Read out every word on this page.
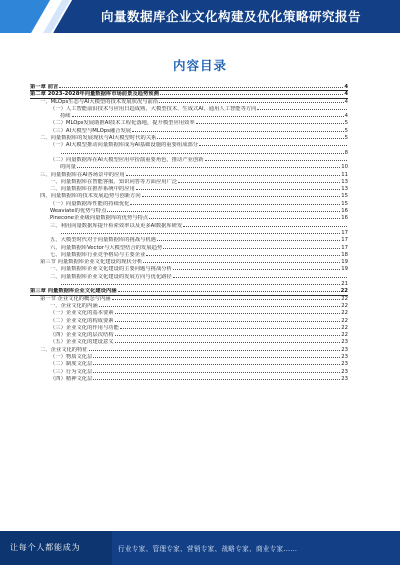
向量数据库企业文化构建及优化策略研究报告
内容目录
第一章 前言	4
第二章 2023-2028年向量数据库市场前景及趋势预测	4
一、MLOps生态与AI大模型的技术发展状况与前沿	4
（一）人工智能前沿技术与应用日趋成熟，大模型技术、生成式AI、通用人工智能等方向
持续	4
（二）MLOps发展助推AI技术工程化落地，提升模型应用效率	5
（三）AI大模型与MLOps融合发展	5
二、向量数据库的发展现状与AI大模型时代的关系	5
（一）AI大模型推动向量数据库成为AI基础设施的重要组成部分
8
（二）向量数据库在AI大模型应用中扮演重要角色，推动产业创新
的向量	10
三、向量数据库在AI各场景中的应用	11
一、向量数据库在智能客服、知识问答等方面应用广泛	13
二、向量数据库在推荐系统中的应用	13
四、向量数据库的技术发展趋势与创新方向	15
（一）向量数据库性能的持续优化	15
Weaviate的优势与特点	16
Pinecone企业级向量数据库的优势与特点	16
三、利用向量数据库提升检索效率以及更多AI数据库研发
17
五、大模型时代对于向量数据库的挑战与机遇	17
六、向量数据库Vector与大模型结合的发展趋势	17
七、向量数据库行业竞争格局与主要企业	18
第三节 向量数据库企业文化建设的现状分析	19
一、向量数据库企业文化建设的主要问题与挑战分析	19
二、向量数据库企业文化建设的发展方向与优化路径
21
第三章 向量数据库企业文化建设内涵	22
第一节 企业文化的概念与内涵	22
一、企业文化的内涵	22
（一）企业文化的基本要素	22
（二）企业文化的构成要素	22
（三）企业文化的作用与功能	22
（四）企业文化的层次结构	22
（五）企业文化的建设意义	23
二、企业文化的特征	23
（一）物质文化层	23
（二）制度文化层	23
（三）行为文化层	23
（四）精神文化层	23
让每个人都能成为	行业专家、管理专家、营销专家、战略专家、商业专家……
